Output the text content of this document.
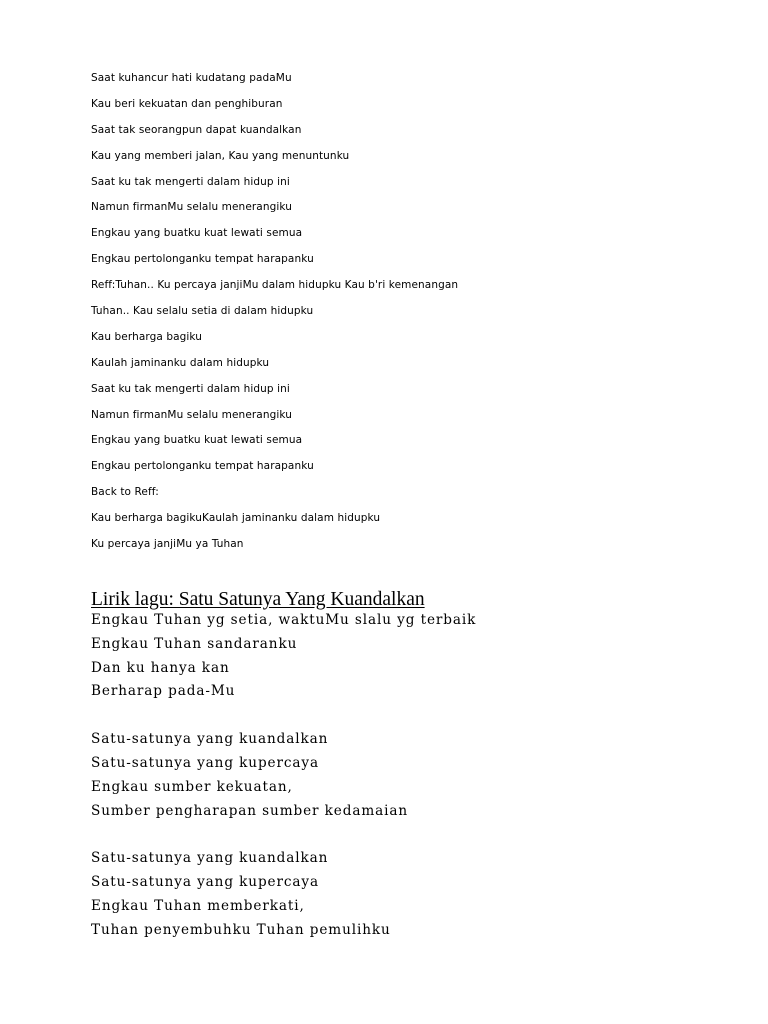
Saat kuhancur hati kudatang padaMu
Kau beri kekuatan dan penghiburan
Saat tak seorangpun dapat kuandalkan
Kau yang memberi jalan, Kau yang menuntunku
Saat ku tak mengerti dalam hidup ini
Namun firmanMu selalu menerangiku
Engkau yang buatku kuat lewati semua
Engkau pertolonganku tempat harapanku
Reff:Tuhan.. Ku percaya janjiMu dalam hidupku Kau b'ri kemenangan
Tuhan.. Kau selalu setia di dalam hidupku
Kau berharga bagiku
Kaulah jaminanku dalam hidupku
Saat ku tak mengerti dalam hidup ini
Namun firmanMu selalu menerangiku
Engkau yang buatku kuat lewati semua
Engkau pertolonganku tempat harapanku
Back to Reff:
Kau berharga bagikuKaulah jaminanku dalam hidupku
Ku percaya janjiMu ya Tuhan
Lirik lagu: Satu Satunya Yang Kuandalkan
Engkau Tuhan yg setia, waktuMu slalu yg terbaik
Engkau Tuhan sandaranku
Dan ku hanya kan
Berharap pada-Mu
Satu-satunya yang kuandalkan
Satu-satunya yang kupercaya
Engkau sumber kekuatan,
Sumber pengharapan sumber kedamaian
Satu-satunya yang kuandalkan
Satu-satunya yang kupercaya
Engkau Tuhan memberkati,
Tuhan penyembuhku Tuhan pemulihku
